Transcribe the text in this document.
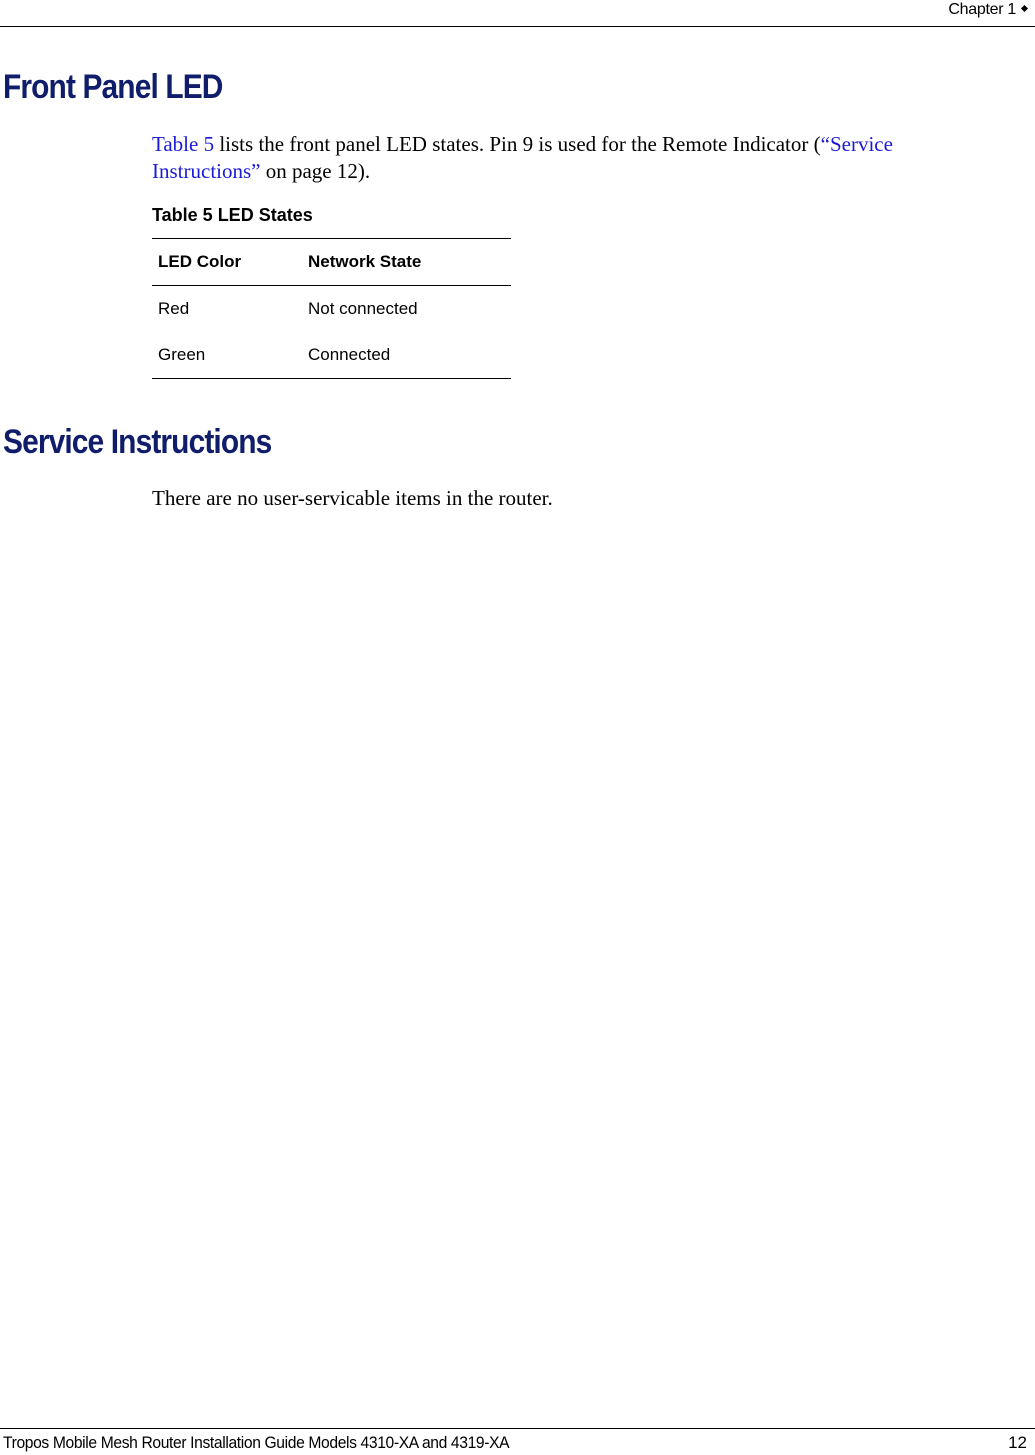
Chapter 1
Front Panel LED

Table 5 lists the front panel LED states. Pin 9 is used for the Remote Indicator (“Service Instructions” on page 12).

Table 5 LED States
LED Color	Network State
Red	Not connected
Green	Connected
Service Instructions

There are no user-servicable items in the router.

Tropos Mobile Mesh Router Installation Guide Models 4310-XA and 4319-XA	12
